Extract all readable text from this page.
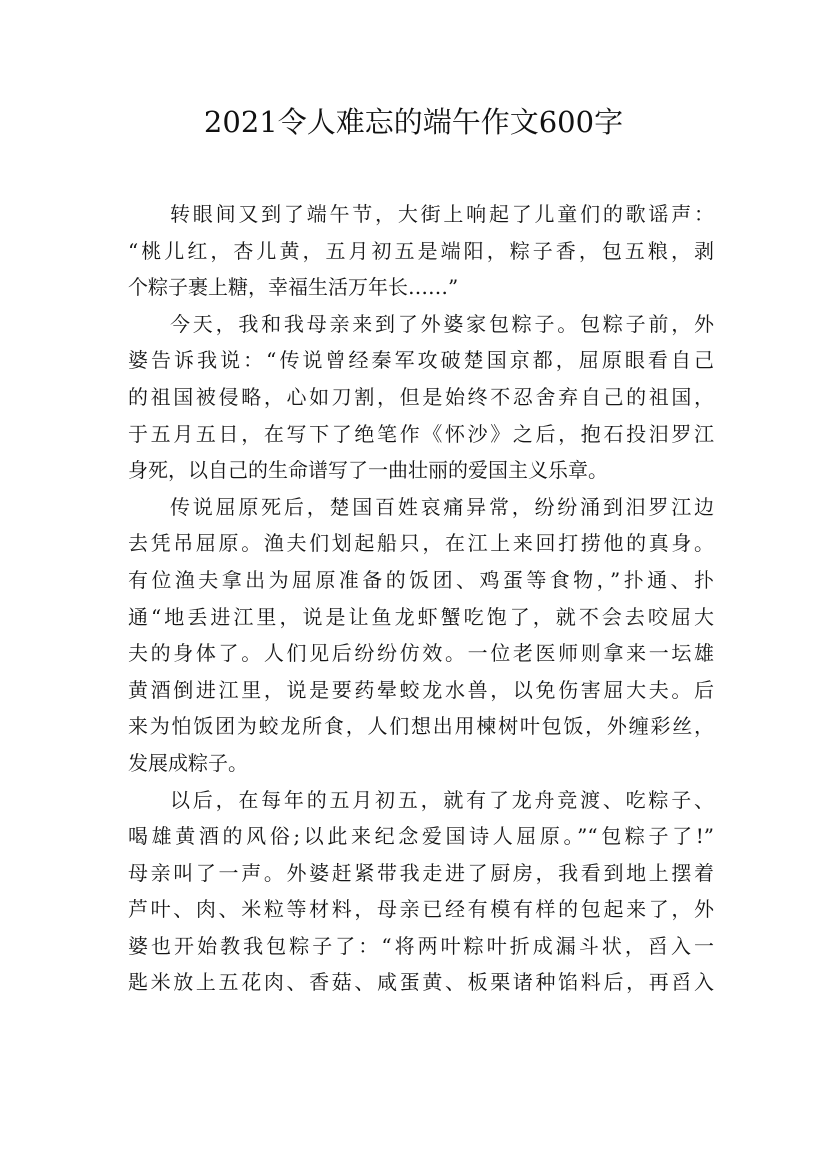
2021令人难忘的端午作文600字
转眼间又到了端午节，大街上响起了儿童们的歌谣声：
“桃儿红，杏儿黄，五月初五是端阳，粽子香，包五粮，剥
个粽子裹上糖，幸福生活万年长……”
今天，我和我母亲来到了外婆家包粽子。包粽子前，外
婆告诉我说：“传说曾经秦军攻破楚国京都，屈原眼看自己
的祖国被侵略，心如刀割，但是始终不忍舍弃自己的祖国，
于五月五日，在写下了绝笔作《怀沙》之后，抱石投汨罗江
身死，以自己的生命谱写了一曲壮丽的爱国主义乐章。
传说屈原死后，楚国百姓哀痛异常，纷纷涌到汨罗江边
去凭吊屈原。渔夫们划起船只，在江上来回打捞他的真身。
有位渔夫拿出为屈原准备的饭团、鸡蛋等食物，”扑通、扑
通“地丢进江里，说是让鱼龙虾蟹吃饱了，就不会去咬屈大
夫的身体了。人们见后纷纷仿效。一位老医师则拿来一坛雄
黄酒倒进江里，说是要药晕蛟龙水兽，以免伤害屈大夫。后
来为怕饭团为蛟龙所食，人们想出用楝树叶包饭，外缠彩丝，
发展成粽子。
以后，在每年的五月初五，就有了龙舟竞渡、吃粽子、
喝雄黄酒的风俗;以此来纪念爱国诗人屈原。”“包粽子了!”
母亲叫了一声。外婆赶紧带我走进了厨房，我看到地上摆着
芦叶、肉、米粒等材料，母亲已经有模有样的包起来了，外
婆也开始教我包粽子了：“将两叶粽叶折成漏斗状，舀入一
匙米放上五花肉、香菇、咸蛋黄、板栗诸种馅料后，再舀入
